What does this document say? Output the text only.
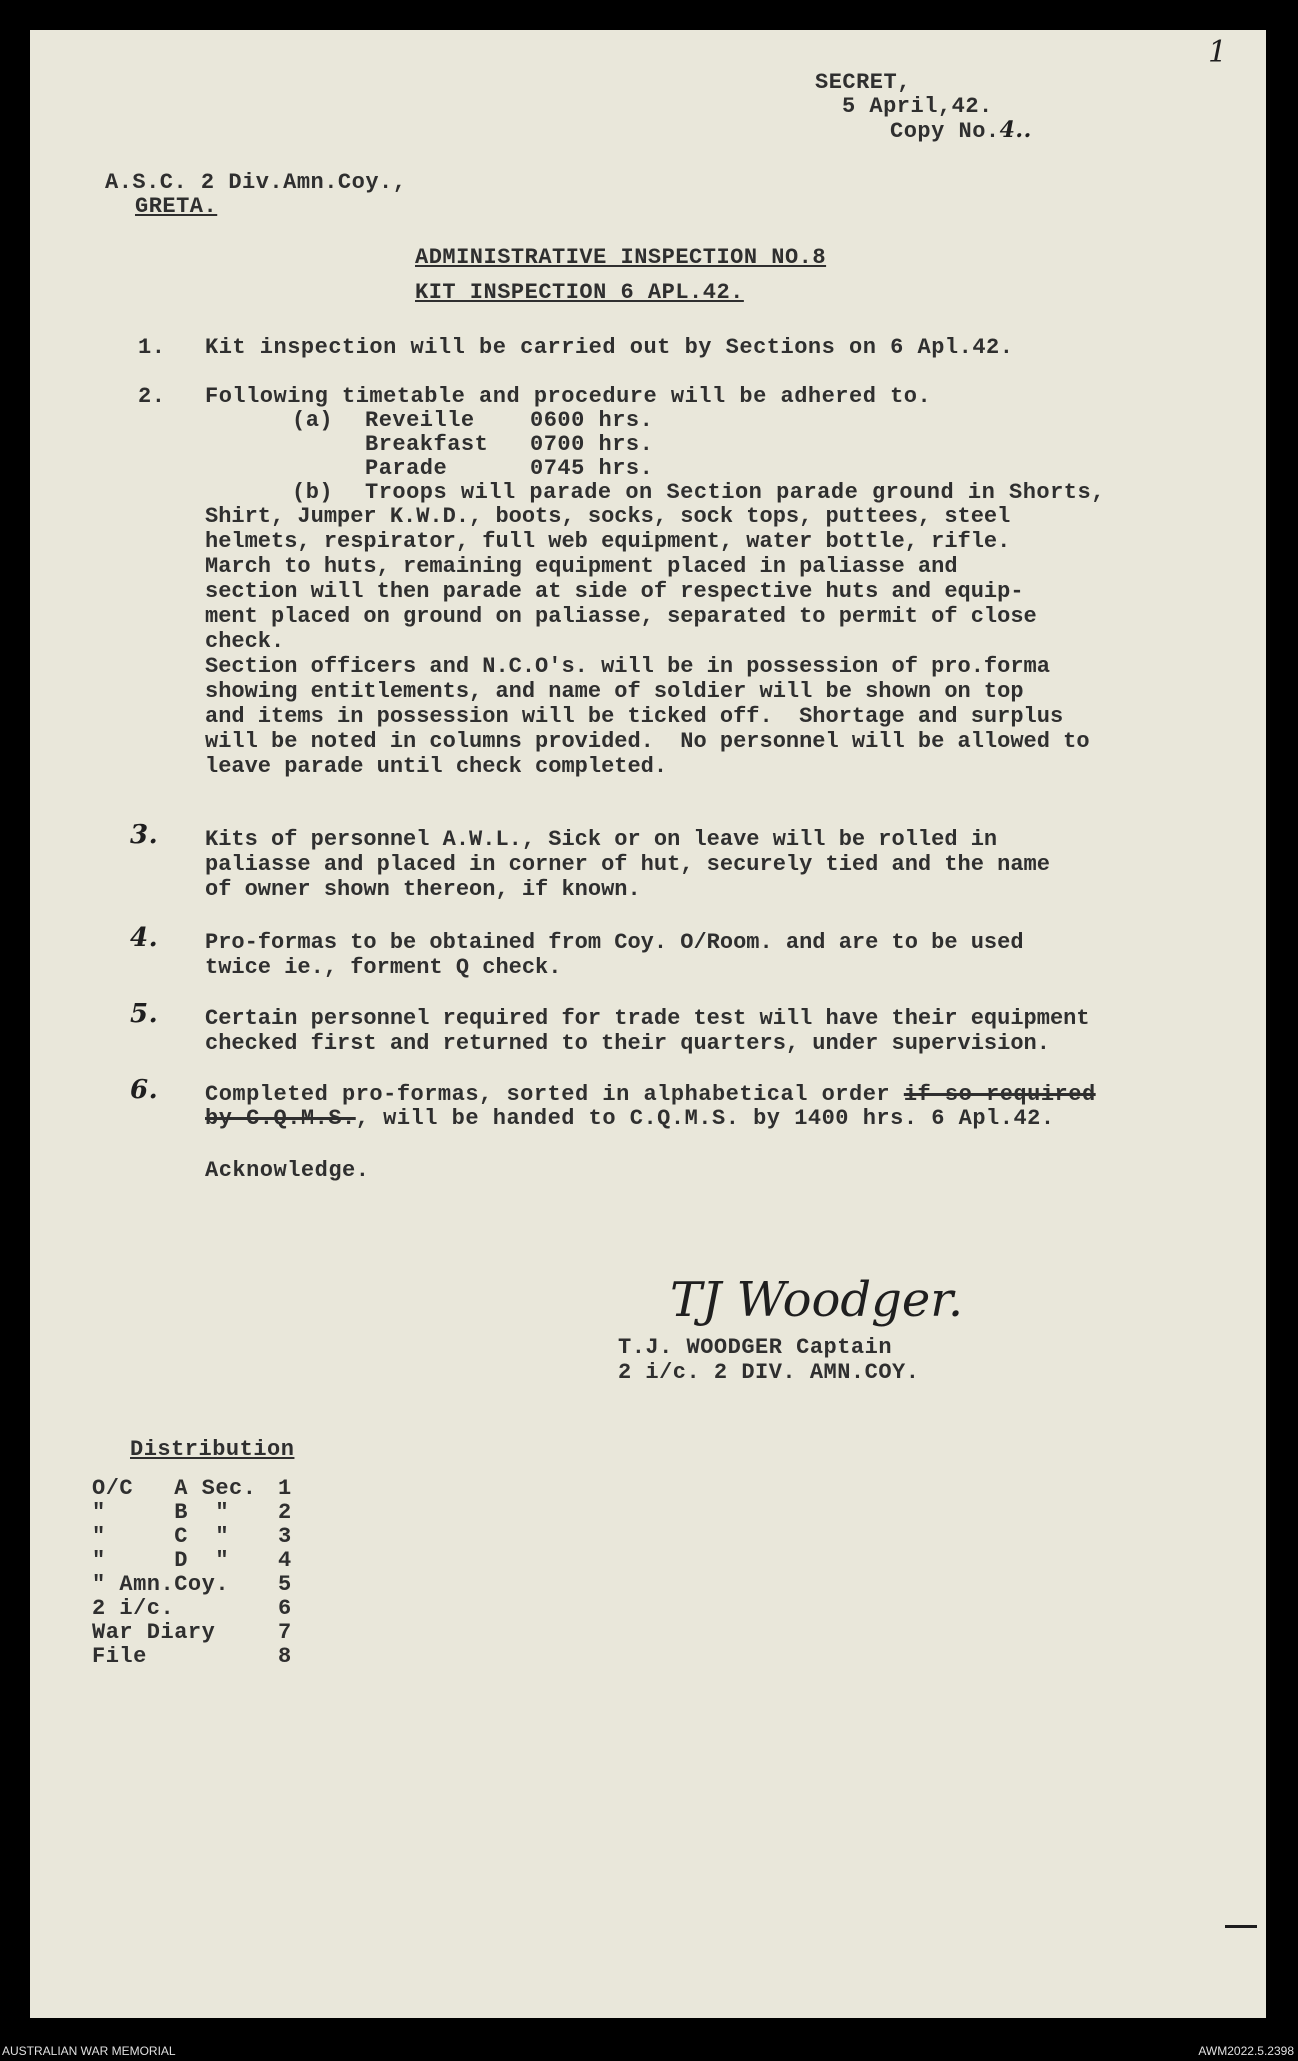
SECRET,
5 April,42.
Copy No.4..
1
A.S.C. 2 Div.Amn.Coy.,
GRETA.
ADMINISTRATIVE INSPECTION NO.8
KIT INSPECTION 6 APL.42.
1. Kit inspection will be carried out by Sections on 6 Apl.42.
2. Following timetable and procedure will be adhered to.
(a) Reveille	0600 hrs.
Breakfast 0700 hrs.
Parade	0745 hrs.
(b) Troops will parade on Section parade ground in Shorts,
Shirt, Jumper K.W.D., boots, socks, sock tops, puttees, steel
helmets, respirator, full web equipment, water bottle, rifle.
March to huts, remaining equipment placed in paliasse and
section will then parade at side of respective huts and equip-
ment placed on ground on paliasse, separated to permit of close
check.
Section officers and N.C.O's. will be in possession of pro.forma
showing entitlements, and name of soldier will be shown on top
and items in possession will be ticked off.  Shortage and surplus
will be noted in columns provided.  No personnel will be allowed to
leave parade until check completed.
3. Kits of personnel A.W.L., Sick or on leave will be rolled in
paliasse and placed in corner of hut, securely tied and the name
of owner shown thereon, if known.
4. Pro-formas to be obtained from Coy. O/Room. and are to be used
twice ie., forment Q check.
5. Certain personnel required for trade test will have their equipment
checked first and returned to their quarters, under supervision.
6. Completed pro-formas, sorted in alphabetical order if so required
by C.Q.M.S., will be handed to C.Q.M.S. by 1400 hrs. 6 Apl.42.
Acknowledge.
TJ Woodger.
T.J. WOODGER Captain
2 i/c. 2 DIV. AMN.COY.
Distribution
O/C   A Sec. 1
"     B  " 2
"     C  " 3
"     D  " 4
" Amn.Coy. 5
2 i/c.	6
War Diary	7
File	8
AUSTRALIAN WAR MEMORIAL	AWM2022.5.2398
